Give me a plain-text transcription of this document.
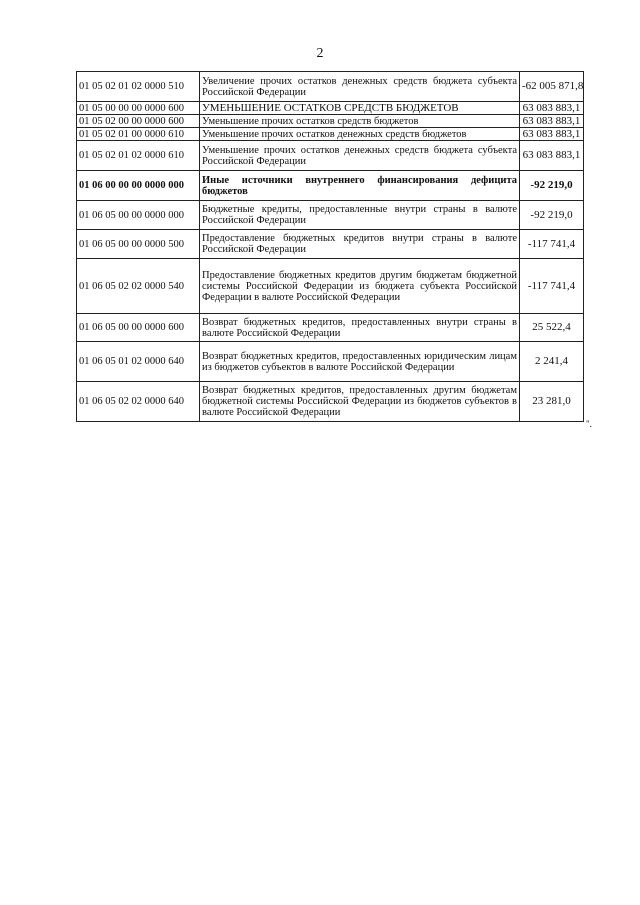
2
01 05 02 01 02 0000 510	Увеличение прочих остатков денежных средств бюджета субъекта Российской Федерации	-62 005 871,8
01 05 00 00 00 0000 600	УМЕНЬШЕНИЕ ОСТАТКОВ СРЕДСТВ БЮДЖЕТОВ	63 083 883,1
01 05 02 00 00 0000 600	Уменьшение прочих остатков средств бюджетов	63 083 883,1
01 05 02 01 00 0000 610	Уменьшение прочих остатков денежных средств бюджетов	63 083 883,1
01 05 02 01 02 0000 610	Уменьшение прочих остатков денежных средств бюджета субъекта Российской Федерации	63 083 883,1
01 06 00 00 00 0000 000	Иные источники внутреннего финансирования дефицита бюджетов	-92 219,0
01 06 05 00 00 0000 000	Бюджетные кредиты, предоставленные внутри страны в валюте Российской Федерации	-92 219,0
01 06 05 00 00 0000 500	Предоставление бюджетных кредитов внутри страны в валюте Российской Федерации	-117 741,4
01 06 05 02 02 0000 540	Предоставление бюджетных кредитов другим бюджетам бюджетной системы Российской Федерации из бюджета субъекта Российской Федерации в валюте Российской Федерации	-117 741,4
01 06 05 00 00 0000 600	Возврат бюджетных кредитов, предоставленных внутри страны в валюте Российской Федерации	25 522,4
01 06 05 01 02 0000 640	Возврат бюджетных кредитов, предоставленных юридическим лицам из бюджетов субъектов в валюте Российской Федерации	2 241,4
01 06 05 02 02 0000 640	Возврат бюджетных кредитов, предоставленных другим бюджетам бюджетной системы Российской Федерации из бюджетов субъектов в валюте Российской Федерации	23 281,0
".
